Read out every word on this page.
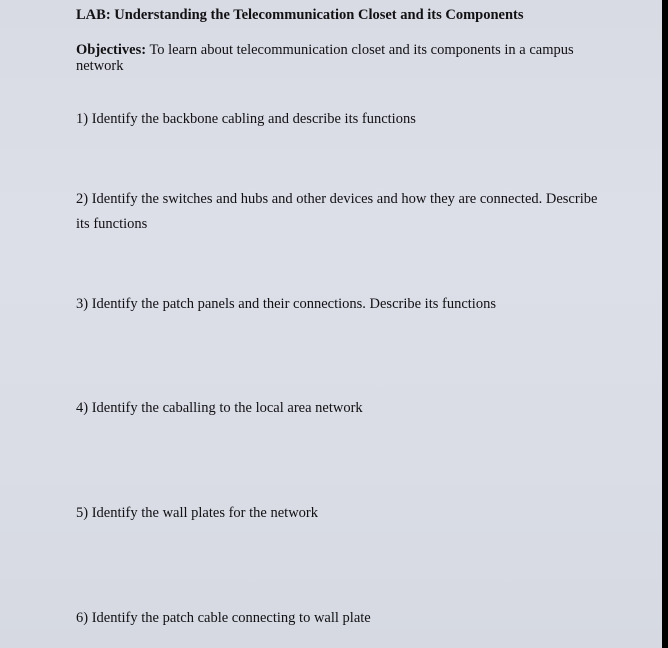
LAB: Understanding the Telecommunication Closet and its Components
Objectives: To learn about telecommunication closet and its components in a campus
network
1) Identify the backbone cabling and describe its functions
2) Identify the switches and hubs and other devices and how they are connected. Describe
its functions
3) Identify the patch panels and their connections. Describe its functions
4) Identify the caballing to the local area network
5) Identify the wall plates for the network
6) Identify the patch cable connecting to wall plate
